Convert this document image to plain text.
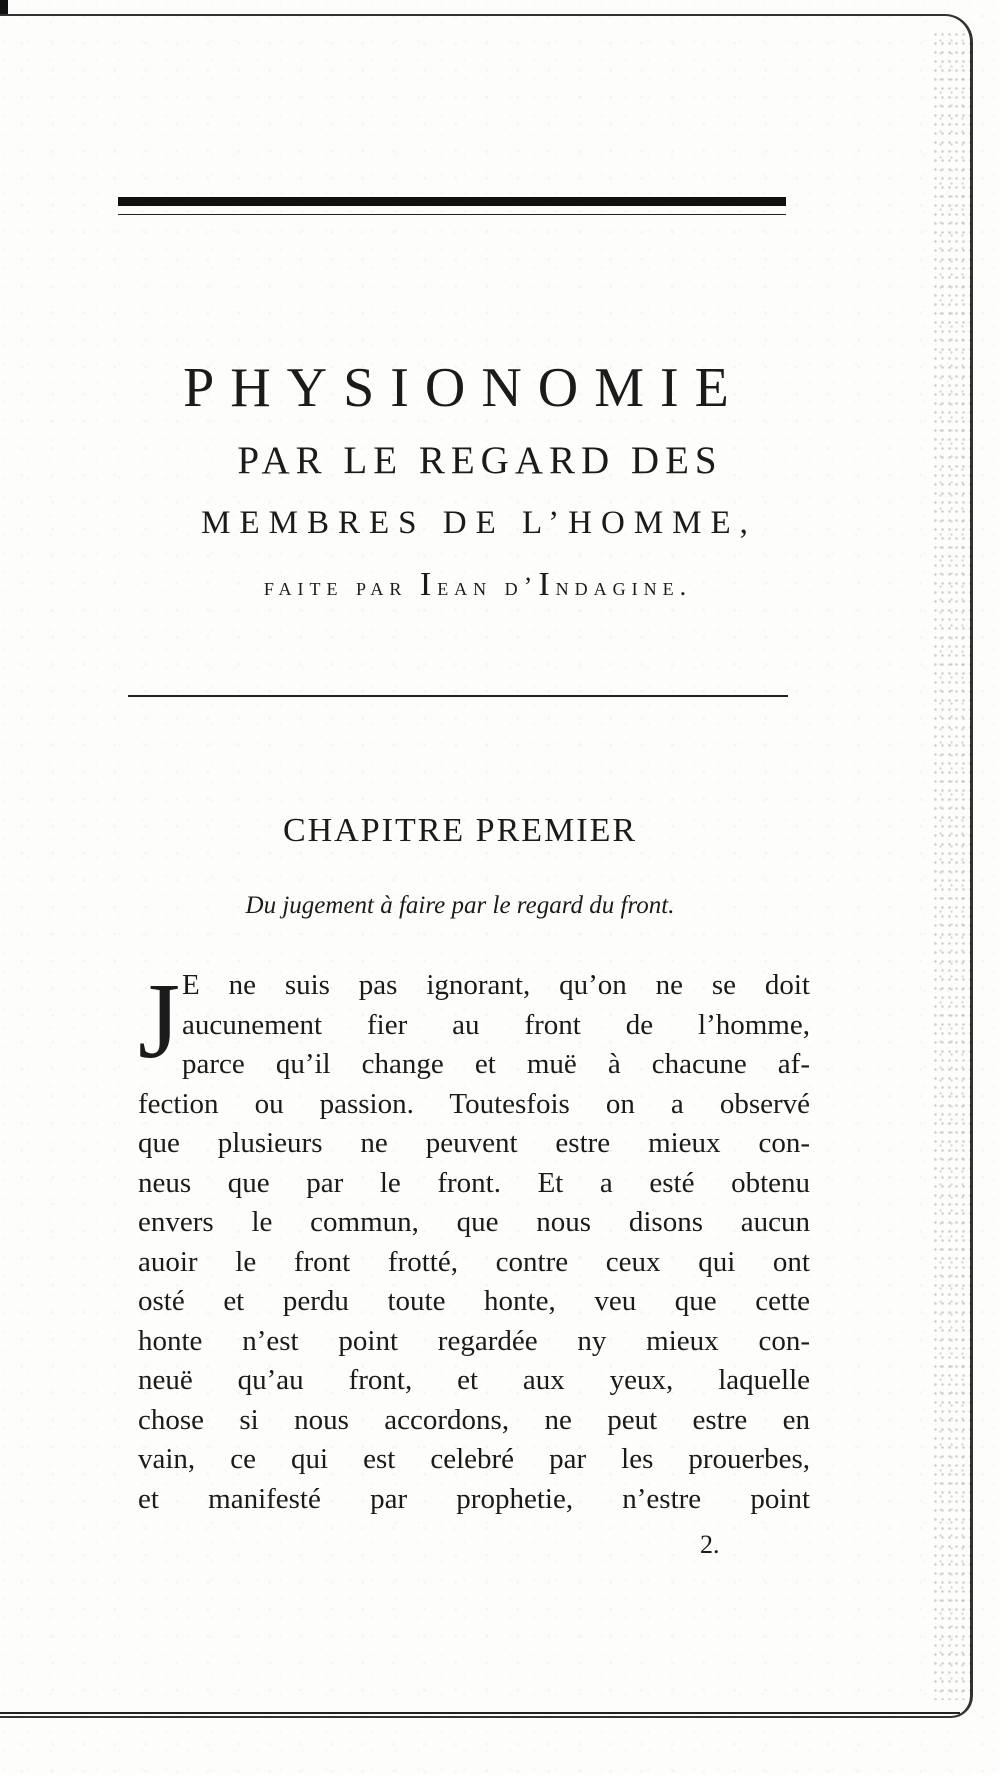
PHYSIONOMIE
PAR LE REGARD DES
MEMBRES DE L’HOMME,
faite par Iean d’Indagine.
CHAPITRE PREMIER
Du jugement à faire par le regard du front.
J E ne suis pas ignorant, qu’on ne se doit
aucunement fier au front de l’homme,
parce qu’il change et muë à chacune af-
fection ou passion. Toutesfois on a observé
que plusieurs ne peuvent estre mieux con-
neus que par le front. Et a esté obtenu
envers le commun, que nous disons aucun
auoir le front frotté, contre ceux qui ont
osté et perdu toute honte, veu que cette
honte n’est point regardée ny mieux con-
neuë qu’au front, et aux yeux, laquelle
chose si nous accordons, ne peut estre en
vain, ce qui est celebré par les prouerbes,
et manifesté par prophetie, n’estre point
2.
